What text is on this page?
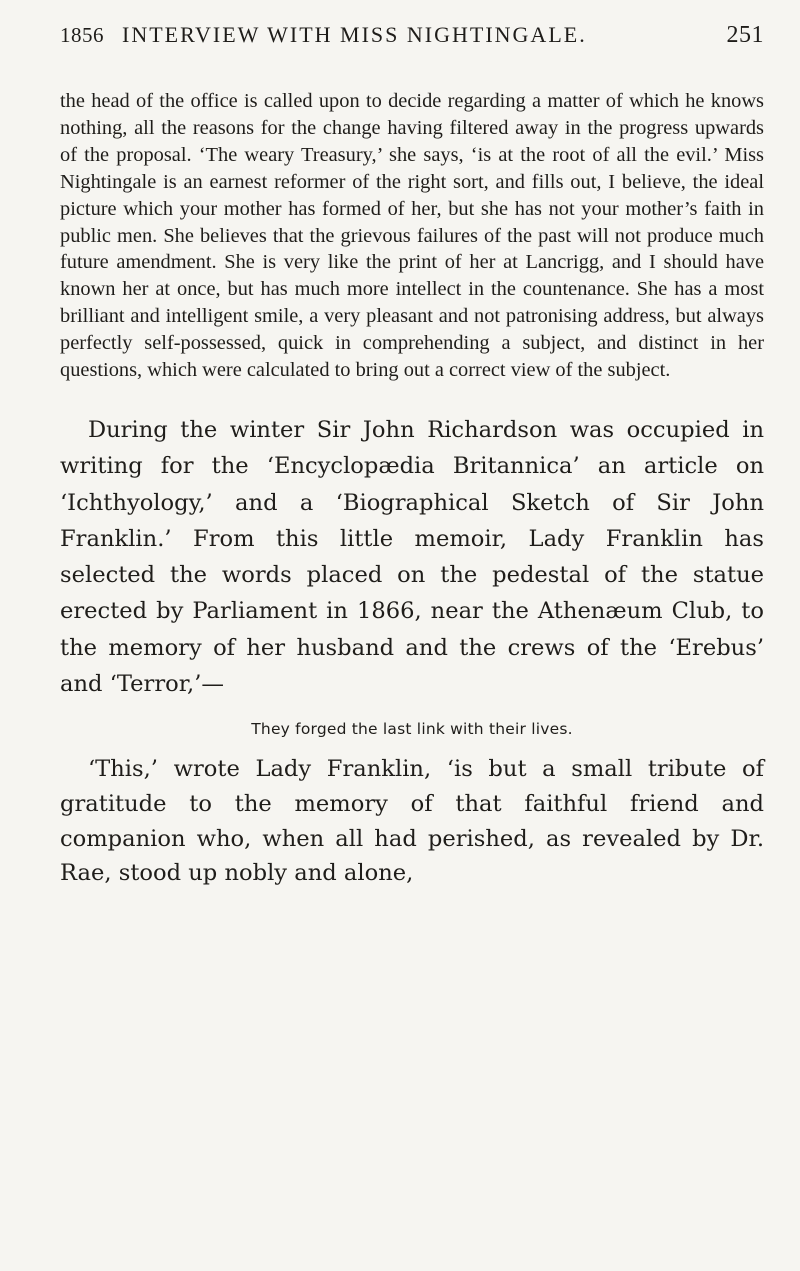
1856 INTERVIEW WITH MISS NIGHTINGALE.	251

the head of the office is called upon to decide regarding a matter of which he knows nothing, all the reasons for the change having filtered away in the progress upwards of the proposal. ‘The weary Treasury,’ she says, ‘is at the root of all the evil.’ Miss Nightingale is an earnest reformer of the right sort, and fills out, I believe, the ideal picture which your mother has formed of her, but she has not your mother’s faith in public men. She believes that the grievous failures of the past will not produce much future amendment. She is very like the print of her at Lancrigg, and I should have known her at once, but has much more intellect in the countenance. She has a most brilliant and intelligent smile, a very pleasant and not patronising address, but always perfectly self-possessed, quick in comprehending a subject, and distinct in her questions, which were calculated to bring out a correct view of the subject.

During the winter Sir John Richardson was occupied in writing for the ‘Encyclopædia Britannica’ an article on ‘Ichthyology,’ and a ‘Biographical Sketch of Sir John Franklin.’ From this little memoir, Lady Franklin has selected the words placed on the pedestal of the statue erected by Parliament in 1866, near the Athenæum Club, to the memory of her husband and the crews of the ‘Erebus’ and ‘Terror,’—

They forged the last link with their lives.

‘This,’ wrote Lady Franklin, ‘is but a small tribute of gratitude to the memory of that faithful friend and companion who, when all had perished, as revealed by Dr. Rae, stood up nobly and alone,
